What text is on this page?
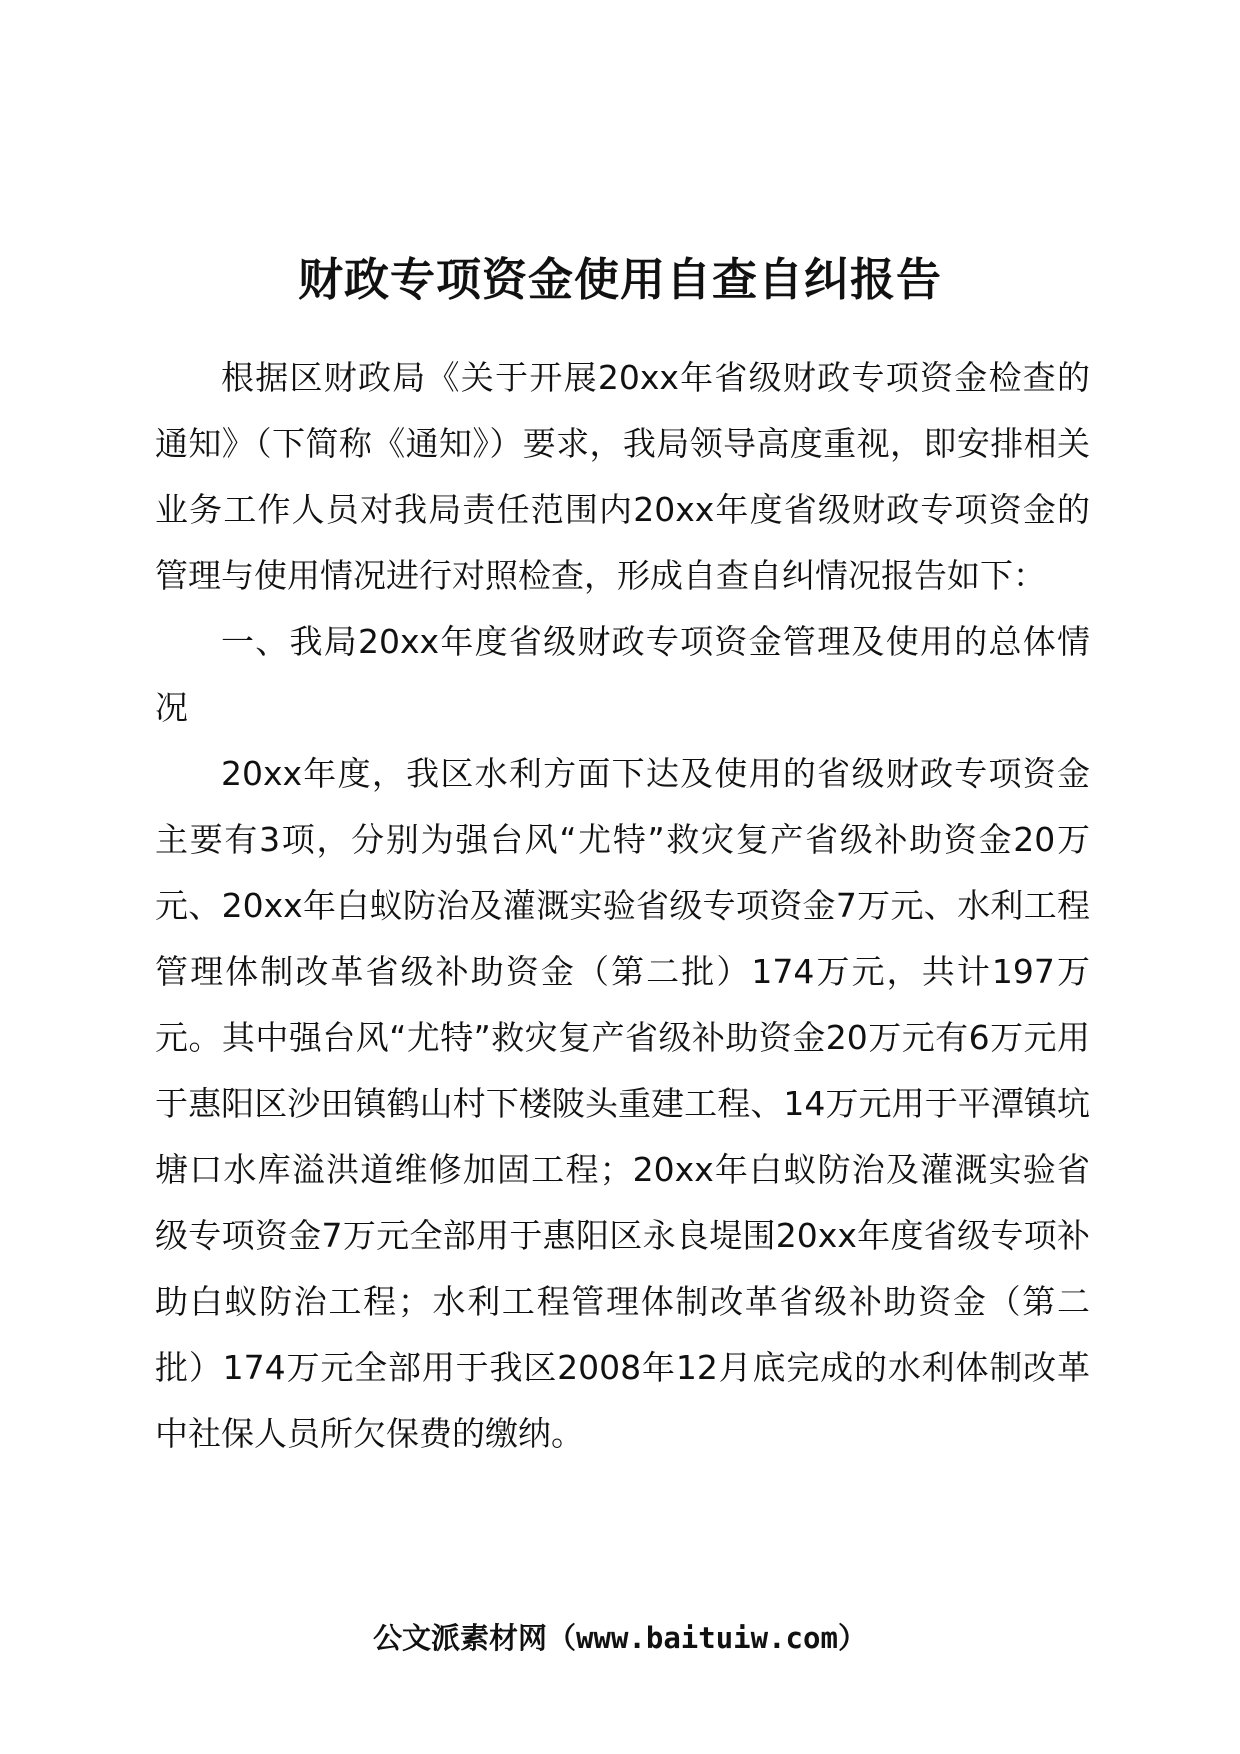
财政专项资金使用自查自纠报告

根据区财政局《关于开展20xx年省级财政专项资金检查的通知》（下简称《通知》）要求，我局领导高度重视，即安排相关业务工作人员对我局责任范围内20xx年度省级财政专项资金的管理与使用情况进行对照检查，形成自查自纠情况报告如下：

一、我局20xx年度省级财政专项资金管理及使用的总体情况

20xx年度，我区水利方面下达及使用的省级财政专项资金主要有3项，分别为强台风“尤特”救灾复产省级补助资金20万元、20xx年白蚁防治及灌溉实验省级专项资金7万元、水利工程管理体制改革省级补助资金（第二批）174万元，共计197万元。其中强台风“尤特”救灾复产省级补助资金20万元有6万元用于惠阳区沙田镇鹤山村下楼陂头重建工程、14万元用于平潭镇坑塘口水库溢洪道维修加固工程；20xx年白蚁防治及灌溉实验省级专项资金7万元全部用于惠阳区永良堤围20xx年度省级专项补助白蚁防治工程；水利工程管理体制改革省级补助资金（第二批）174万元全部用于我区2008年12月底完成的水利体制改革中社保人员所欠保费的缴纳。

公文派素材网（www.baituiw.com）
